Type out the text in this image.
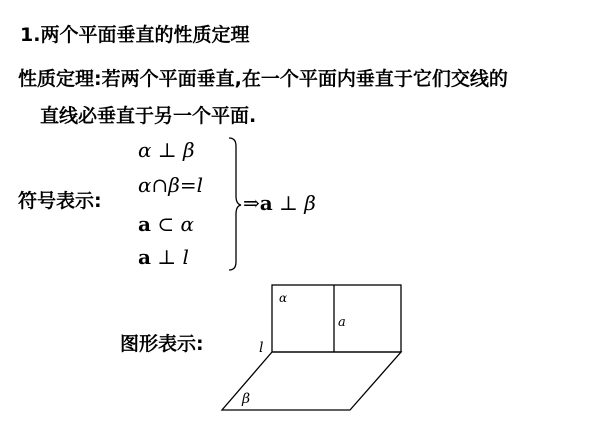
1.两个平面垂直的性质定理
性质定理:若两个平面垂直,在一个平面内垂直于它们交线的
直线必垂直于另一个平面.
符号表示:
α ⊥ β
α∩β=l
a ⊂ α
a ⊥ l
⇒a ⊥ β
图形表示:
α
a
l
β
